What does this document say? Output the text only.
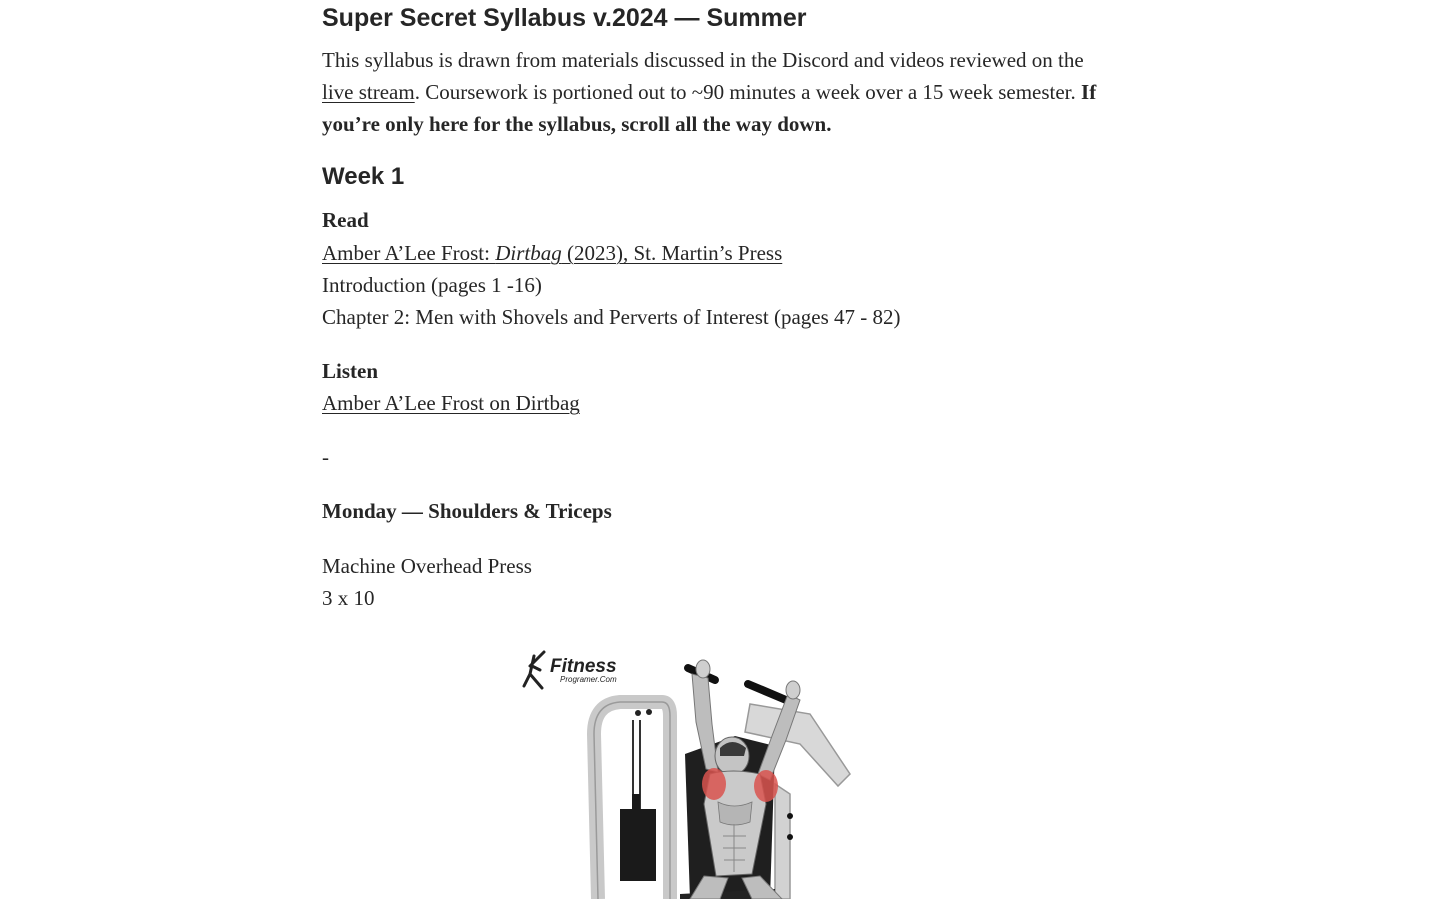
Super Secret Syllabus v.2024 — Summer

This syllabus is drawn from materials discussed in the Discord and videos reviewed on the live stream. Coursework is portioned out to ~90 minutes a week over a 15 week semester. If you’re only here for the syllabus, scroll all the way down.

Week 1
Read
Amber A’Lee Frost: Dirtbag (2023), St. Martin’s Press
Introduction (pages 1 -16)
Chapter 2: Men with Shovels and Perverts of Interest (pages 47 - 82)
Listen
Amber A’Lee Frost on Dirtbag
-
Monday — Shoulders & Triceps
Machine Overhead Press
3 x 10
Fitness
Programer.Com
